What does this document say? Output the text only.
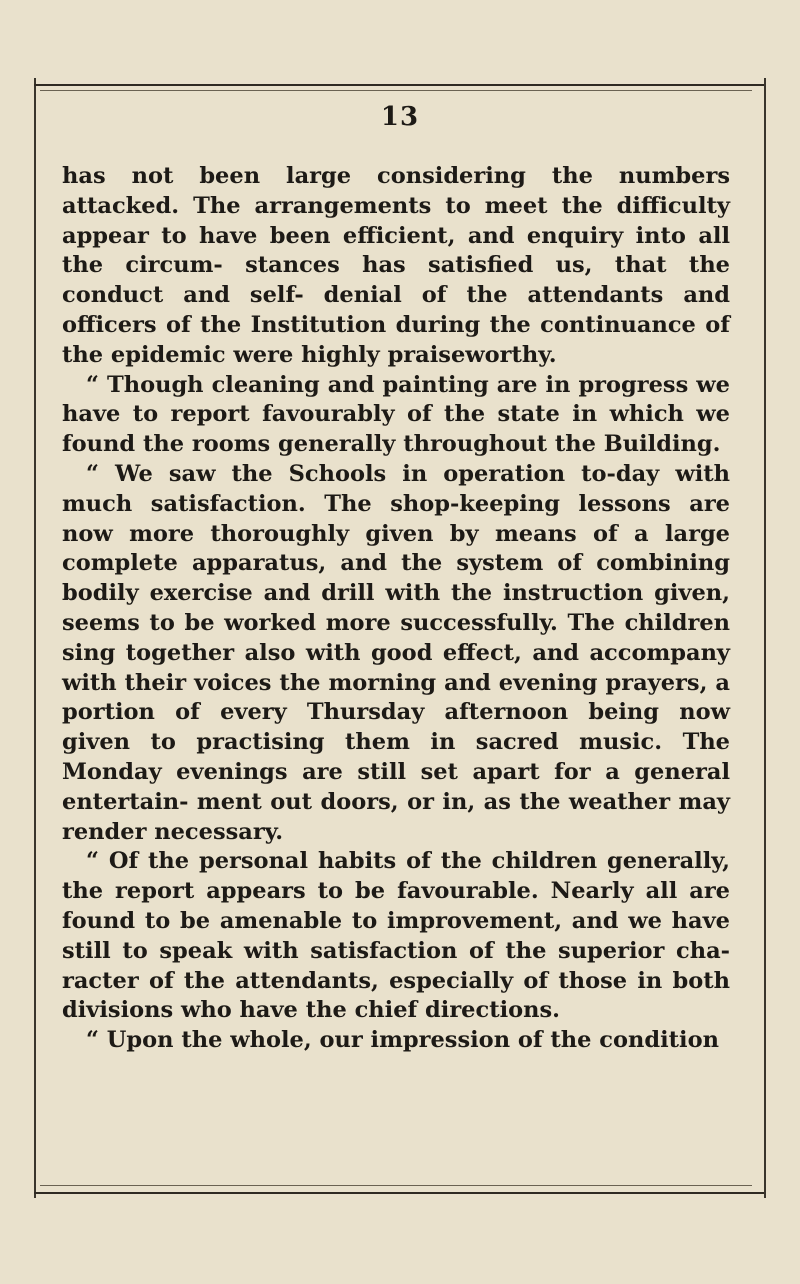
13

has not been large considering the numbers attacked. The arrangements to meet the difficulty appear to have been efficient, and enquiry into all the circum- stances has satisfied us, that the conduct and self- denial of the attendants and officers of the Institution during the continuance of the epidemic were highly praiseworthy.

“ Though cleaning and painting are in progress we have to report favourably of the state in which we found the rooms generally throughout the Building.

“ We saw the Schools in operation to-day with much satisfaction. The shop-keeping lessons are now more thoroughly given by means of a large complete apparatus, and the system of combining bodily exercise and drill with the instruction given, seems to be worked more successfully. The children sing together also with good effect, and accompany with their voices the morning and evening prayers, a portion of every Thursday afternoon being now given to practising them in sacred music. The Monday evenings are still set apart for a general entertain- ment out doors, or in, as the weather may render necessary.

“ Of the personal habits of the children generally, the report appears to be favourable. Nearly all are found to be amenable to improvement, and we have still to speak with satisfaction of the superior cha- racter of the attendants, especially of those in both divisions who have the chief directions.

“ Upon the whole, our impression of the condition
